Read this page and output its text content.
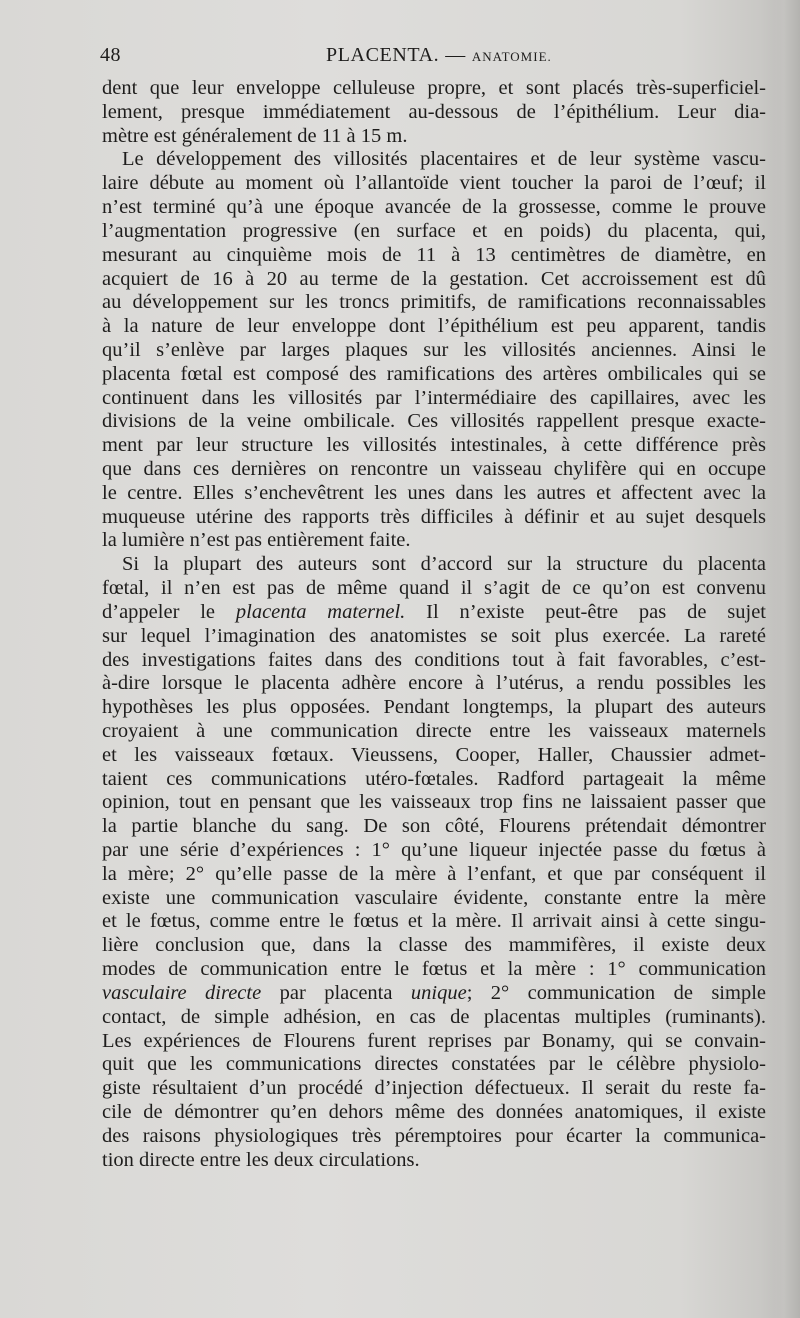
48	PLACENTA. — ANATOMIE.
dent que leur enveloppe celluleuse propre, et sont placés très-superficiel-
lement, presque immédiatement au-dessous de l’épithélium. Leur dia-
mètre est généralement de 11 à 15 m.
Le développement des villosités placentaires et de leur système vascu-
laire débute au moment où l’allantoïde vient toucher la paroi de l’œuf; il
n’est terminé qu’à une époque avancée de la grossesse, comme le prouve
l’augmentation progressive (en surface et en poids) du placenta, qui,
mesurant au cinquième mois de 11 à 13 centimètres de diamètre, en
acquiert de 16 à 20 au terme de la gestation. Cet accroissement est dû
au développement sur les troncs primitifs, de ramifications reconnaissables
à la nature de leur enveloppe dont l’épithélium est peu apparent, tandis
qu’il s’enlève par larges plaques sur les villosités anciennes. Ainsi le
placenta fœtal est composé des ramifications des artères ombilicales qui se
continuent dans les villosités par l’intermédiaire des capillaires, avec les
divisions de la veine ombilicale. Ces villosités rappellent presque exacte-
ment par leur structure les villosités intestinales, à cette différence près
que dans ces dernières on rencontre un vaisseau chylifère qui en occupe
le centre. Elles s’enchevêtrent les unes dans les autres et affectent avec la
muqueuse utérine des rapports très difficiles à définir et au sujet desquels
la lumière n’est pas entièrement faite.
Si la plupart des auteurs sont d’accord sur la structure du placenta
fœtal, il n’en est pas de même quand il s’agit de ce qu’on est convenu
d’appeler le placenta maternel. Il n’existe peut-être pas de sujet
sur lequel l’imagination des anatomistes se soit plus exercée. La rareté
des investigations faites dans des conditions tout à fait favorables, c’est-
à-dire lorsque le placenta adhère encore à l’utérus, a rendu possibles les
hypothèses les plus opposées. Pendant longtemps, la plupart des auteurs
croyaient à une communication directe entre les vaisseaux maternels
et les vaisseaux fœtaux. Vieussens, Cooper, Haller, Chaussier admet-
taient ces communications utéro-fœtales. Radford partageait la même
opinion, tout en pensant que les vaisseaux trop fins ne laissaient passer que
la partie blanche du sang. De son côté, Flourens prétendait démontrer
par une série d’expériences : 1° qu’une liqueur injectée passe du fœtus à
la mère; 2° qu’elle passe de la mère à l’enfant, et que par conséquent il
existe une communication vasculaire évidente, constante entre la mère
et le fœtus, comme entre le fœtus et la mère. Il arrivait ainsi à cette singu-
lière conclusion que, dans la classe des mammifères, il existe deux
modes de communication entre le fœtus et la mère : 1° communication
vasculaire directe par placenta unique; 2° communication de simple
contact, de simple adhésion, en cas de placentas multiples (ruminants).
Les expériences de Flourens furent reprises par Bonamy, qui se convain-
quit que les communications directes constatées par le célèbre physiolo-
giste résultaient d’un procédé d’injection défectueux. Il serait du reste fa-
cile de démontrer qu’en dehors même des données anatomiques, il existe
des raisons physiologiques très péremptoires pour écarter la communica-
tion directe entre les deux circulations.
